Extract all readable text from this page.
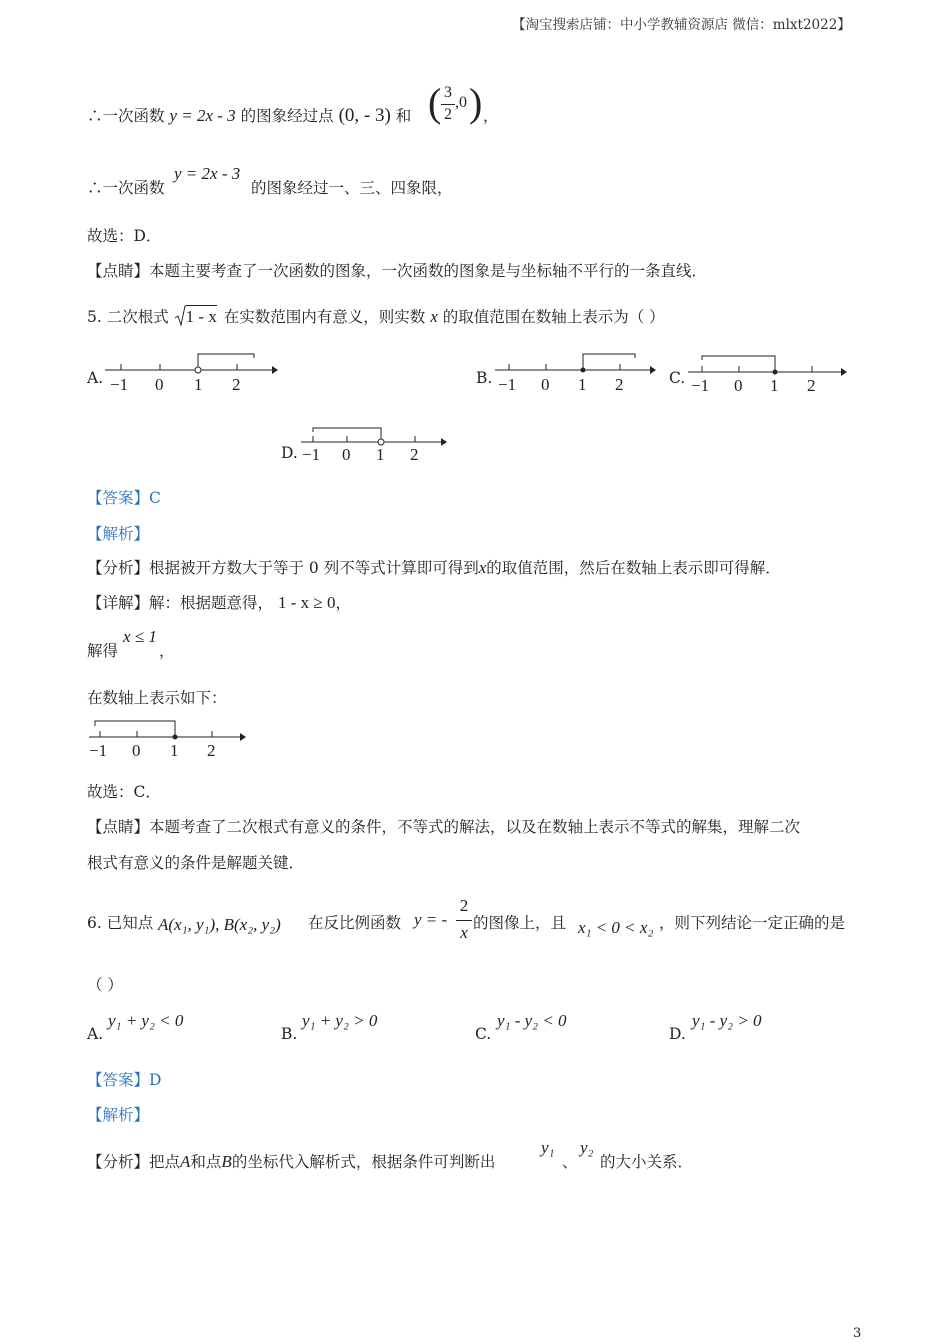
【淘宝搜索店铺：中小学教辅资源店 微信：mlxt2022】
∴一次函数 y = 2x - 3 的图象经过点 (0, - 3) 和 ( 3
2
,0 ) ，
∴一次函数
y = 2x - 3
的图象经过一、三、四象限，
故选：D．
【点睛】本题主要考查了一次函数的图象，一次函数的图象是与坐标轴不平行的一条直线．
5. 二次根式 1 - x 在实数范围内有意义，则实数 x 的取值范围在数轴上表示为（ ）
A.	B.	C.
D.
−1 0 1 2	−1 0 1 2	−1 0 1 2
−1 0 1 2
【答案】C
【解析】
【分析】根据被开方数大于等于 0 列不等式计算即可得到x的取值范围，然后在数轴上表示即可得解．
【详解】解：根据题意得， 1 - x ≥ 0，
解得
x ≤ 1
，
在数轴上表示如下：
−1 0 1 2
故选：C．
【点睛】本题考查了二次根式有意义的条件，不等式的解法，以及在数轴上表示不等式的解集，理解二次
根式有意义的条件是解题关键．
6. 已知点 A(x₁, y₁), B(x₂, y₂) 在反比例函数 y = -
2
x 的图像上，且 x₁ < 0 < x₂ ，则下列结论一定正确的是
（ ）
A.
y₁ + y₂ < 0
B.
y₁ + y₂ > 0
C.
y₁ - y₂ < 0
D.
y₁ - y₂ > 0
【答案】D
【解析】
【分析】把点A和点B的坐标代入解析式，根据条件可判断出
y₁
、
y₂
的大小关系．
3
